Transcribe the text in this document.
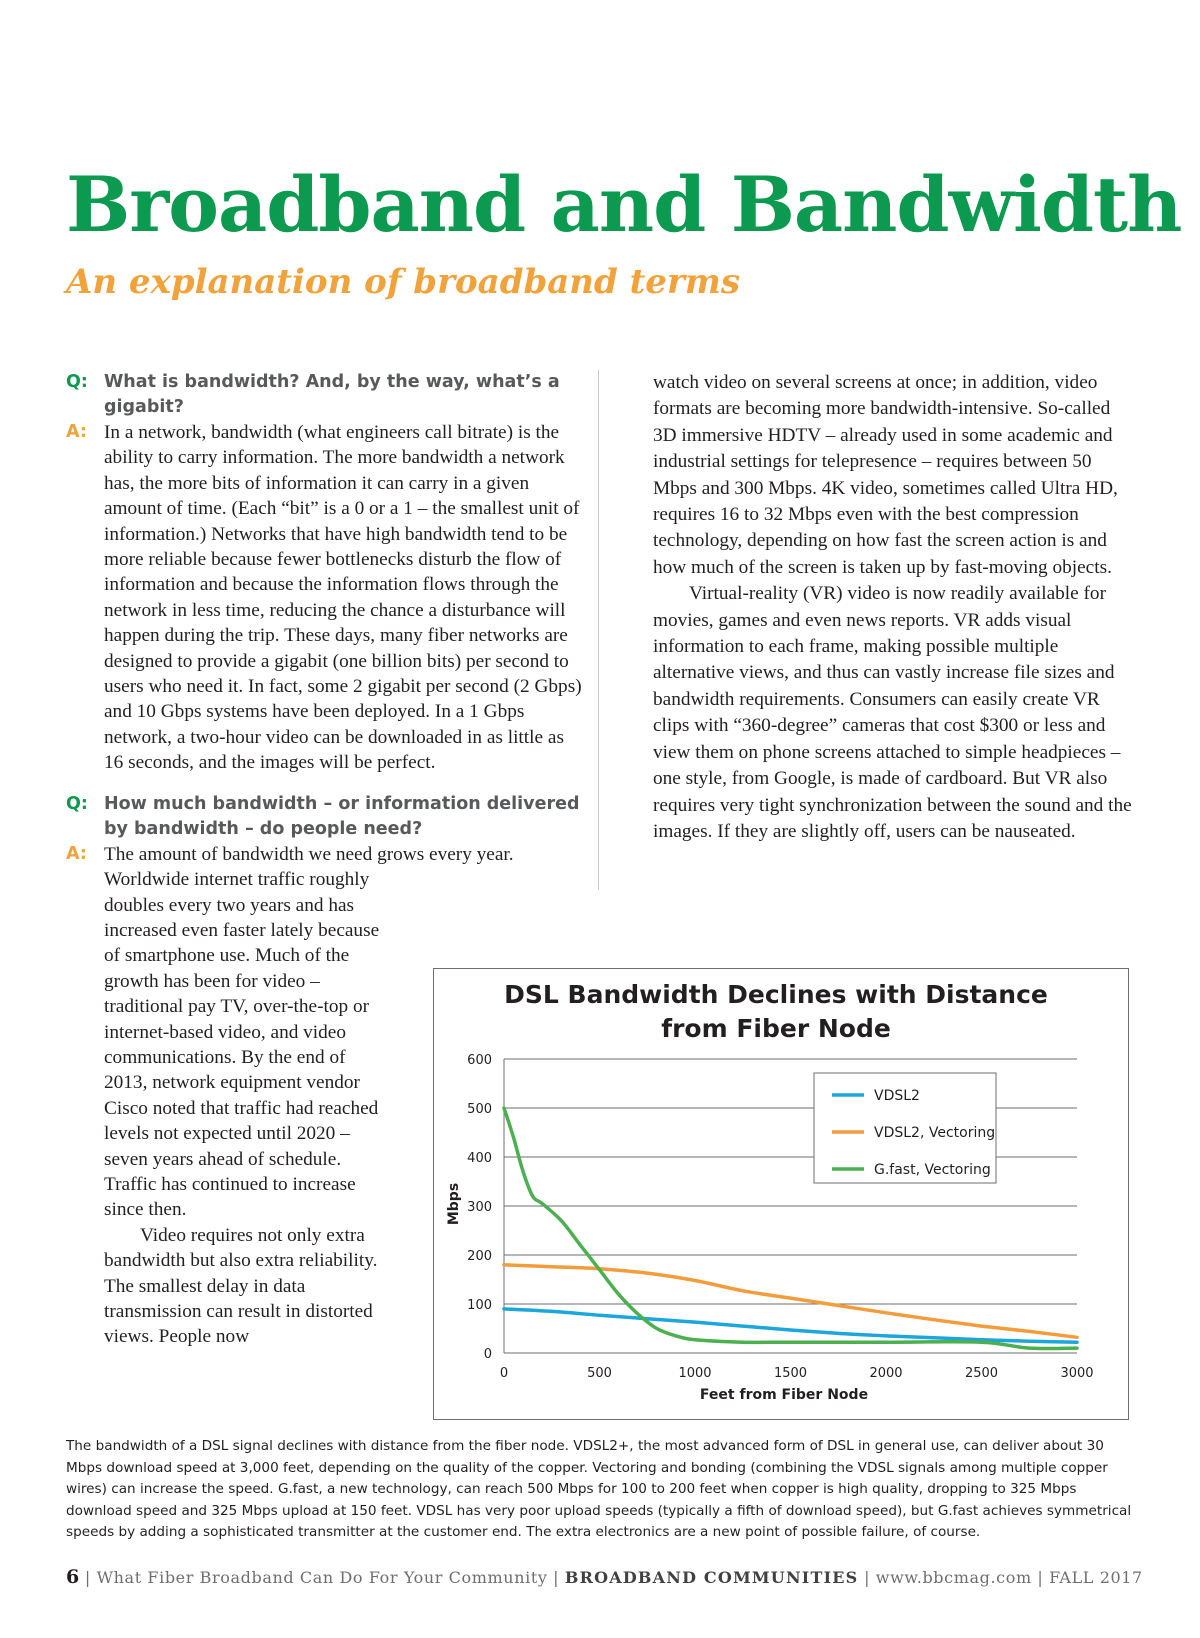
Broadband and Bandwidth
An explanation of broadband terms
Q: What is bandwidth? And, by the way, what’s a gigabit?
A: In a network, bandwidth (what engineers call bitrate) is the ability to carry information. The more bandwidth a network has, the more bits of information it can carry in a given amount of time. (Each “bit” is a 0 or a 1 – the smallest unit of information.) Networks that have high bandwidth tend to be more reliable because fewer bottlenecks disturb the flow of information and because the information flows through the network in less time, reducing the chance a disturbance will happen during the trip. These days, many fiber networks are designed to provide a gigabit (one billion bits) per second to users who need it. In fact, some 2 gigabit per second (2 Gbps) and 10 Gbps systems have been deployed. In a 1 Gbps network, a two-hour video can be downloaded in as little as 16 seconds, and the images will be perfect.

Q: How much bandwidth – or information delivered by bandwidth – do people need?
A: The amount of bandwidth we need grows every year.

Worldwide internet traffic roughly doubles every two years and has increased even faster lately because of smartphone use. Much of the growth has been for video – traditional pay TV, over-the-top or internet-based video, and video communications. By the end of 2013, network equipment vendor Cisco noted that traffic had reached levels not expected until 2020 – seven years ahead of schedule. Traffic has continued to increase since then.

Video requires not only extra bandwidth but also extra reliability. The smallest delay in data transmission can result in distorted views. People now

watch video on several screens at once; in addition, video formats are becoming more bandwidth-intensive. So-called 3D immersive HDTV – already used in some academic and industrial settings for telepresence – requires between 50 Mbps and 300 Mbps. 4K video, sometimes called Ultra HD, requires 16 to 32 Mbps even with the best compression technology, depending on how fast the screen action is and how much of the screen is taken up by fast-moving objects.

Virtual-reality (VR) video is now readily available for movies, games and even news reports. VR adds visual information to each frame, making possible multiple alternative views, and thus can vastly increase file sizes and bandwidth requirements. Consumers can easily create VR clips with “360-degree” cameras that cost $300 or less and view them on phone screens attached to simple headpieces – one style, from Google, is made of cardboard. But VR also requires very tight synchronization between the sound and the images. If they are slightly off, users can be nauseated.

DSL Bandwidth Declines with Distance
from Fiber Node
0
100
200
300
400
500
600
0	500	1000	1500	2000	2500	3000
Feet from Fiber Node
Mbps
VDSL2
VDSL2, Vectoring
G.fast, Vectoring

The bandwidth of a DSL signal declines with distance from the fiber node. VDSL2+, the most advanced form of DSL in general use, can deliver about 30 Mbps download speed at 3,000 feet, depending on the quality of the copper. Vectoring and bonding (combining the VDSL signals among multiple copper wires) can increase the speed. G.fast, a new technology, can reach 500 Mbps for 100 to 200 feet when copper is high quality, dropping to 325 Mbps download speed and 325 Mbps upload at 150 feet. VDSL has very poor upload speeds (typically a fifth of download speed), but G.fast achieves symmetrical speeds by adding a sophisticated transmitter at the customer end. The extra electronics are a new point of possible failure, of course.

6 | What Fiber Broadband Can Do For Your Community | BROADBAND COMMUNITIES | www.bbcmag.com | FALL 2017
